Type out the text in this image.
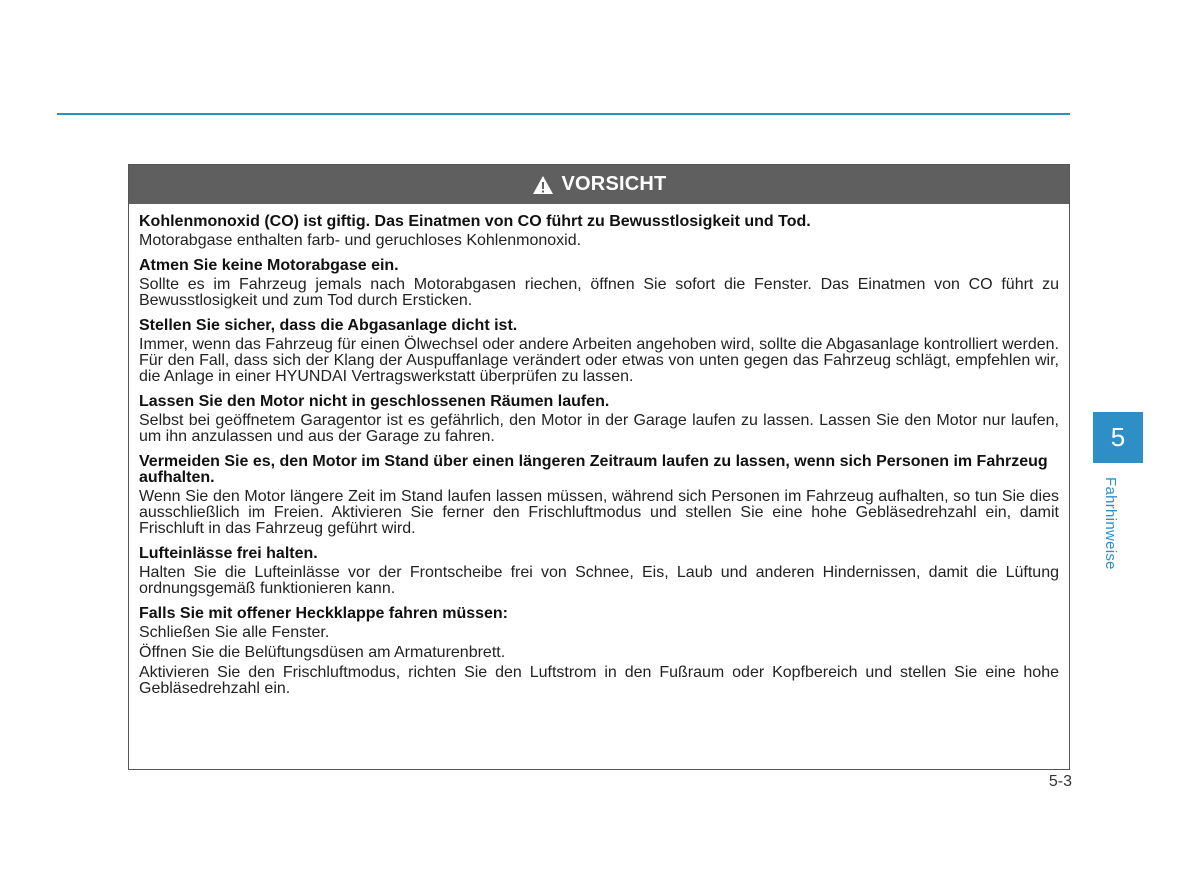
VORSICHT
Kohlenmonoxid (CO) ist giftig. Das Einatmen von CO führt zu Bewusstlosigkeit und Tod.
Motorabgase enthalten farb- und geruchloses Kohlenmonoxid.
Atmen Sie keine Motorabgase ein.
Sollte es im Fahrzeug jemals nach Motorabgasen riechen, öffnen Sie sofort die Fenster. Das Einatmen von CO führt zu Bewusstlosigkeit und zum Tod durch Ersticken.
Stellen Sie sicher, dass die Abgasanlage dicht ist.
Immer, wenn das Fahrzeug für einen Ölwechsel oder andere Arbeiten angehoben wird, sollte die Abgasanlage kontrolliert werden. Für den Fall, dass sich der Klang der Auspuffanlage verändert oder etwas von unten gegen das Fahrzeug schlägt, empfehlen wir, die Anlage in einer HYUNDAI Vertragswerkstatt überprüfen zu lassen.
Lassen Sie den Motor nicht in geschlossenen Räumen laufen.
Selbst bei geöffnetem Garagentor ist es gefährlich, den Motor in der Garage laufen zu lassen. Lassen Sie den Motor nur laufen, um ihn anzulassen und aus der Garage zu fahren.
Vermeiden Sie es, den Motor im Stand über einen längeren Zeitraum laufen zu lassen, wenn sich Personen im Fahrzeug aufhalten.
Wenn Sie den Motor längere Zeit im Stand laufen lassen müssen, während sich Personen im Fahrzeug aufhalten, so tun Sie dies ausschließlich im Freien. Aktivieren Sie ferner den Frischluftmodus und stellen Sie eine hohe Gebläsedrehzahl ein, damit Frischluft in das Fahrzeug geführt wird.
Lufteinlässe frei halten.
Halten Sie die Lufteinlässe vor der Frontscheibe frei von Schnee, Eis, Laub und anderen Hindernissen, damit die Lüftung ordnungsgemäß funktionieren kann.
Falls Sie mit offener Heckklappe fahren müssen:
Schließen Sie alle Fenster.
Öffnen Sie die Belüftungsdüsen am Armaturenbrett.
Aktivieren Sie den Frischluftmodus, richten Sie den Luftstrom in den Fußraum oder Kopfbereich und stellen Sie eine hohe Gebläsedrehzahl ein.
5
Fahrhinweise
5-3
